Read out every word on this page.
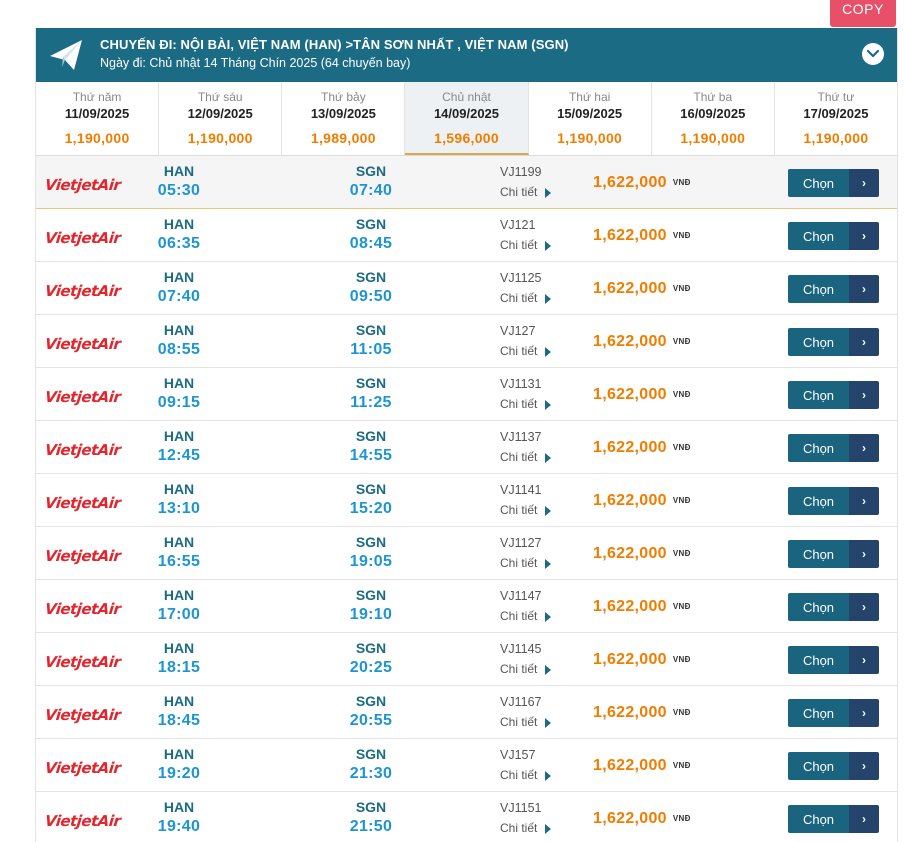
COPY
CHUYẾN ĐI: NỘI BÀI, VIỆT NAM (HAN) >TÂN SƠN NHẤT , VIỆT NAM (SGN)
Ngày đi: Chủ nhật 14 Tháng Chín 2025 (64 chuyến bay)
Thứ năm
11/09/2025
1,190,000
Thứ sáu
12/09/2025
1,190,000
Thứ bảy
13/09/2025
1,989,000
Chủ nhật
14/09/2025
1,596,000
Thứ hai
15/09/2025
1,190,000
Thứ ba
16/09/2025
1,190,000
Thứ tư
17/09/2025
1,190,000
VietjetAir
HAN
05:30
SGN
07:40
VJ1199
Chi tiết
1,622,000 VNĐ	Chọn	›
VietjetAir
HAN
06:35
SGN
08:45
VJ121
Chi tiết
1,622,000 VNĐ	Chọn	›
VietjetAir
HAN
07:40
SGN
09:50
VJ1125
Chi tiết
1,622,000 VNĐ	Chọn	›
VietjetAir
HAN
08:55
SGN
11:05
VJ127
Chi tiết
1,622,000 VNĐ	Chọn	›
VietjetAir
HAN
09:15
SGN
11:25
VJ1131
Chi tiết
1,622,000 VNĐ	Chọn	›
VietjetAir
HAN
12:45
SGN
14:55
VJ1137
Chi tiết
1,622,000 VNĐ	Chọn	›
VietjetAir
HAN
13:10
SGN
15:20
VJ1141
Chi tiết
1,622,000 VNĐ	Chọn	›
VietjetAir
HAN
16:55
SGN
19:05
VJ1127
Chi tiết
1,622,000 VNĐ	Chọn	›
VietjetAir
HAN
17:00
SGN
19:10
VJ1147
Chi tiết
1,622,000 VNĐ	Chọn	›
VietjetAir
HAN
18:15
SGN
20:25
VJ1145
Chi tiết
1,622,000 VNĐ	Chọn	›
VietjetAir
HAN
18:45
SGN
20:55
VJ1167
Chi tiết
1,622,000 VNĐ	Chọn	›
VietjetAir
HAN
19:20
SGN
21:30
VJ157
Chi tiết
1,622,000 VNĐ	Chọn	›
VietjetAir
HAN
19:40
SGN
21:50
VJ1151
Chi tiết
1,622,000 VNĐ	Chọn	›
